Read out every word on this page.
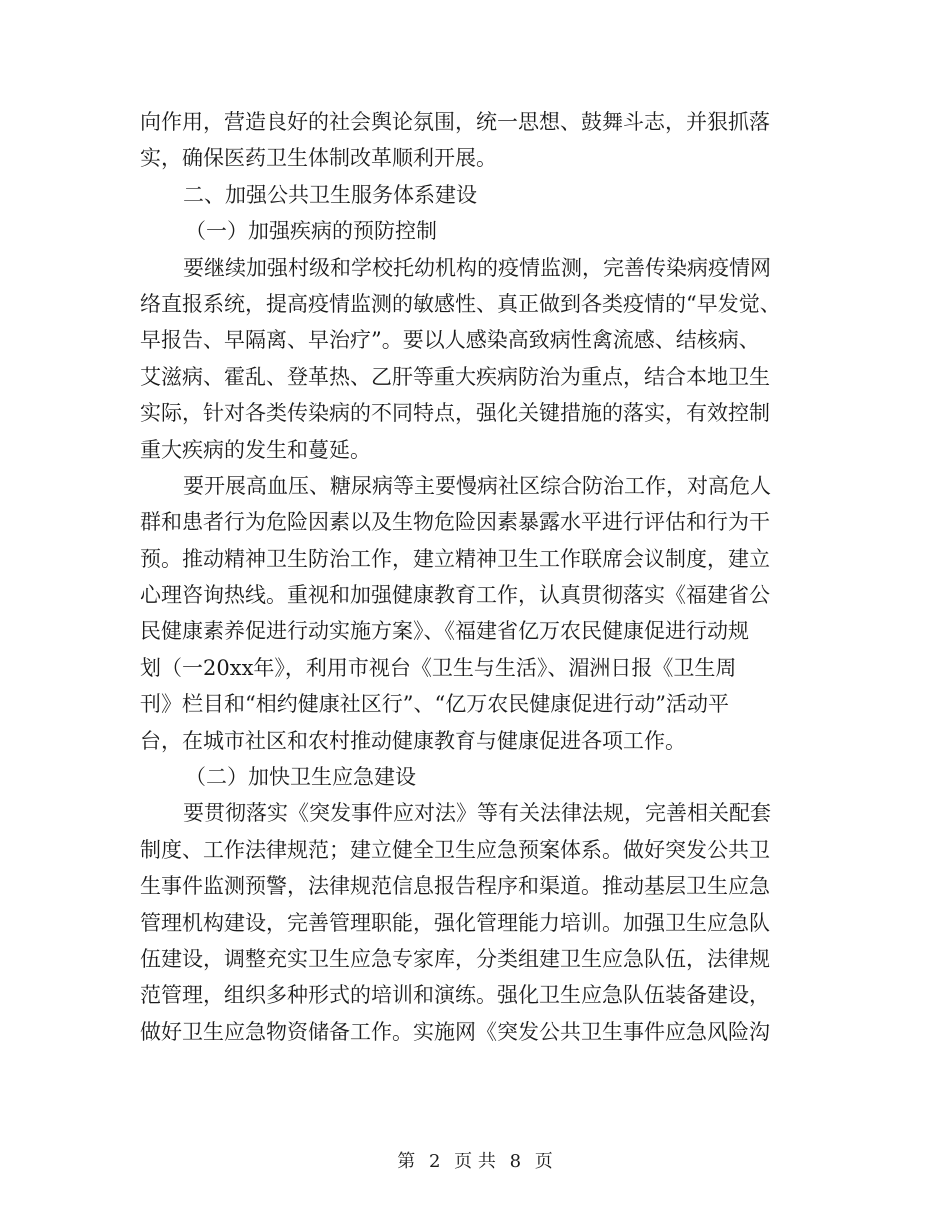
向作用，营造良好的社会舆论氛围，统一思想、鼓舞斗志，并狠抓落
实，确保医药卫生体制改革顺利开展。
二、加强公共卫生服务体系建设
（一）加强疾病的预防控制
要继续加强村级和学校托幼机构的疫情监测，完善传染病疫情网
络直报系统，提高疫情监测的敏感性、真正做到各类疫情的“早发觉、
早报告、早隔离、早治疗”。要以人感染高致病性禽流感、结核病、
艾滋病、霍乱、登革热、乙肝等重大疾病防治为重点，结合本地卫生
实际，针对各类传染病的不同特点，强化关键措施的落实，有效控制
重大疾病的发生和蔓延。
要开展高血压、糖尿病等主要慢病社区综合防治工作，对高危人
群和患者行为危险因素以及生物危险因素暴露水平进行评估和行为干
预。推动精神卫生防治工作，建立精神卫生工作联席会议制度，建立
心理咨询热线。重视和加强健康教育工作，认真贯彻落实《福建省公
民健康素养促进行动实施方案》、《福建省亿万农民健康促进行动规
划（一20xx年》，利用市视台《卫生与生活》、湄洲日报《卫生周
刊》栏目和“相约健康社区行”、“亿万农民健康促进行动”活动平
台，在城市社区和农村推动健康教育与健康促进各项工作。
（二）加快卫生应急建设
要贯彻落实《突发事件应对法》等有关法律法规，完善相关配套
制度、工作法律规范；建立健全卫生应急预案体系。做好突发公共卫
生事件监测预警，法律规范信息报告程序和渠道。推动基层卫生应急
管理机构建设，完善管理职能，强化管理能力培训。加强卫生应急队
伍建设，调整充实卫生应急专家库，分类组建卫生应急队伍，法律规
范管理，组织多种形式的培训和演练。强化卫生应急队伍装备建设，
做好卫生应急物资储备工作。实施网《突发公共卫生事件应急风险沟
第 2 页 共 8 页
